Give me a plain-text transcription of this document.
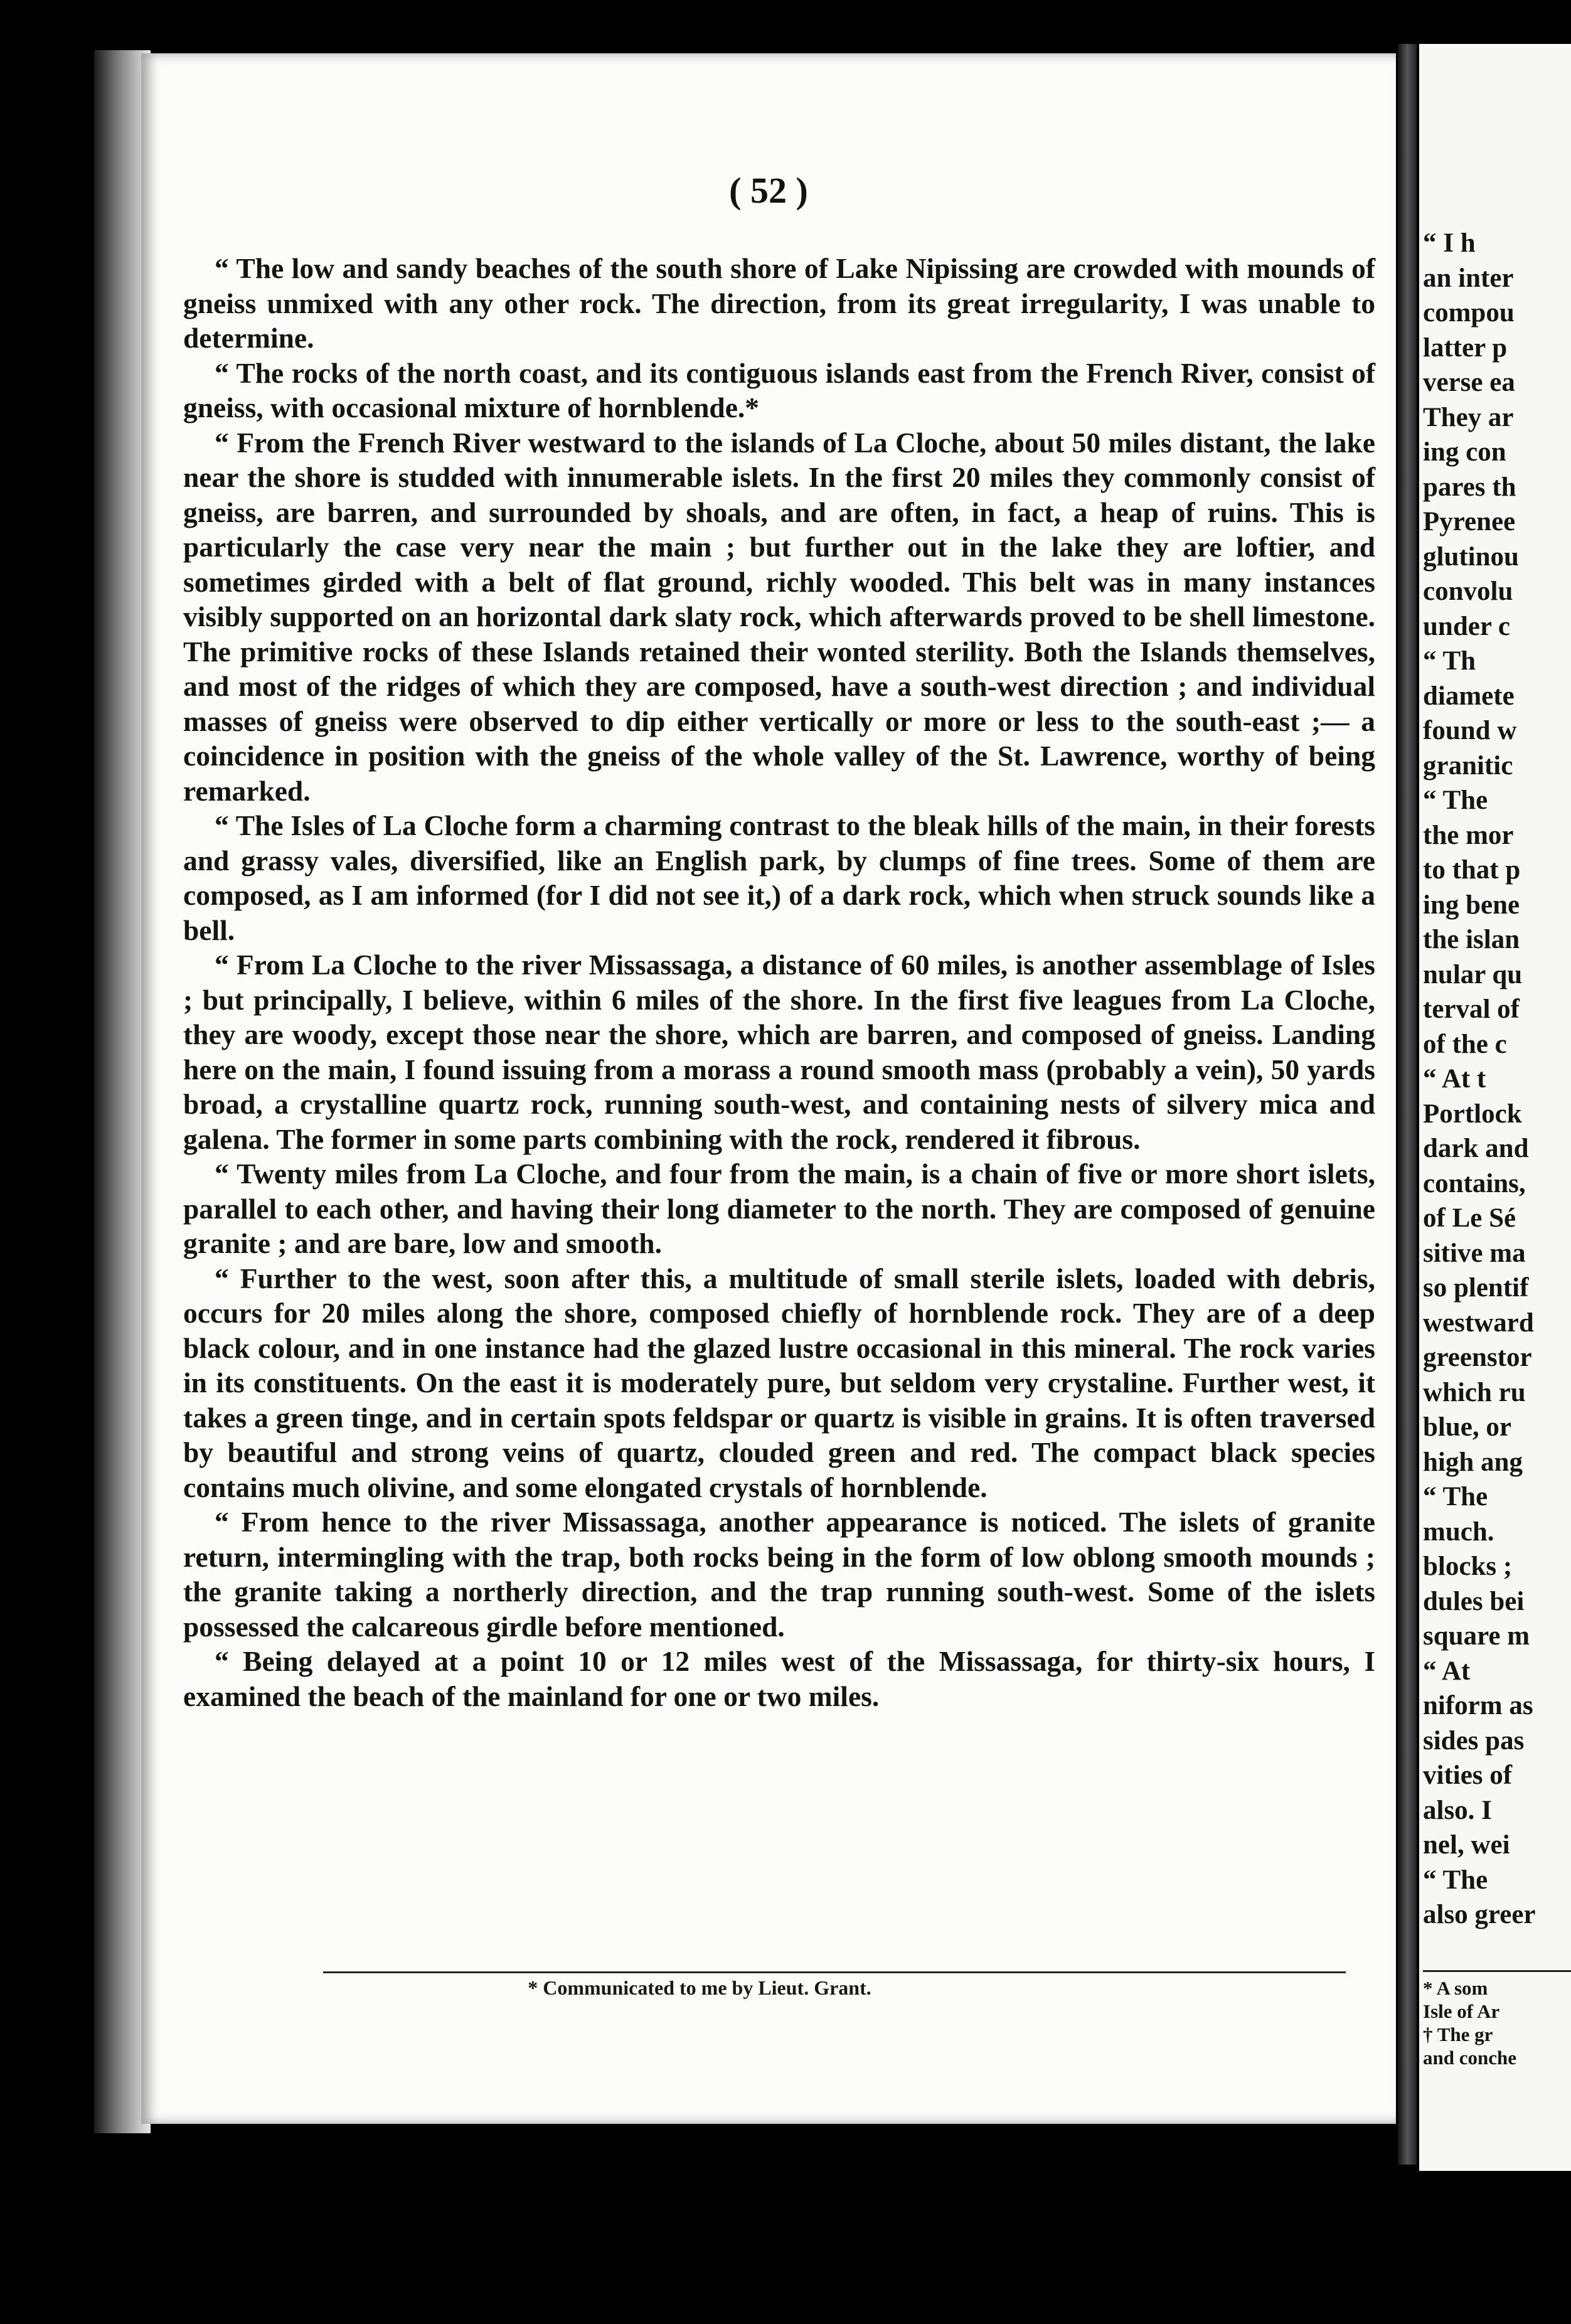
( 52 )

“ The low and sandy beaches of the south shore of Lake Nipissing are crowded with mounds of gneiss unmixed with any other rock. The direction, from its great irregularity, I was unable to determine.

“ The rocks of the north coast, and its contiguous islands east from the French River, consist of gneiss, with occasional mixture of hornblende.*

“ From the French River westward to the islands of La Cloche, about 50 miles distant, the lake near the shore is studded with innumerable islets. In the first 20 miles they commonly consist of gneiss, are barren, and surrounded by shoals, and are often, in fact, a heap of ruins. This is particularly the case very near the main ; but further out in the lake they are loftier, and sometimes girded with a belt of flat ground, richly wooded. This belt was in many instances visibly supported on an horizontal dark slaty rock, which afterwards proved to be shell limestone. The primitive rocks of these Islands retained their wonted sterility. Both the Islands themselves, and most of the ridges of which they are composed, have a south-west direction ; and individual masses of gneiss were observed to dip either vertically or more or less to the south-east ;— a coincidence in position with the gneiss of the whole valley of the St. Lawrence, worthy of being remarked.

“ The Isles of La Cloche form a charming contrast to the bleak hills of the main, in their forests and grassy vales, diversified, like an English park, by clumps of fine trees. Some of them are composed, as I am informed (for I did not see it,) of a dark rock, which when struck sounds like a bell.

“ From La Cloche to the river Missassaga, a distance of 60 miles, is another assemblage of Isles ; but principally, I believe, within 6 miles of the shore. In the first five leagues from La Cloche, they are woody, except those near the shore, which are barren, and composed of gneiss. Landing here on the main, I found issuing from a morass a round smooth mass (probably a vein), 50 yards broad, a crystalline quartz rock, running south-west, and containing nests of silvery mica and galena. The former in some parts combining with the rock, rendered it fibrous.

“ Twenty miles from La Cloche, and four from the main, is a chain of five or more short islets, parallel to each other, and having their long diameter to the north. They are composed of genuine granite ; and are bare, low and smooth.

“ Further to the west, soon after this, a multitude of small sterile islets, loaded with debris, occurs for 20 miles along the shore, composed chiefly of hornblende rock. They are of a deep black colour, and in one instance had the glazed lustre occasional in this mineral. The rock varies in its constituents. On the east it is moderately pure, but seldom very crystaline. Further west, it takes a green tinge, and in certain spots feldspar or quartz is visible in grains. It is often traversed by beautiful and strong veins of quartz, clouded green and red. The compact black species contains much olivine, and some elongated crystals of hornblende.

“ From hence to the river Missassaga, another appearance is noticed. The islets of granite return, intermingling with the trap, both rocks being in the form of low oblong smooth mounds ; the granite taking a northerly direction, and the trap running south-west. Some of the islets possessed the calcareous girdle before mentioned.

“ Being delayed at a point 10 or 12 miles west of the Missassaga, for thirty-six hours, I examined the beach of the mainland for one or two miles.

* Communicated to me by Lieut. Grant.
“ I h
an inter
compou
latter p
verse ea
They ar
ing con
pares th
Pyrenee
glutinou
convolu
under c
“ Th
diamete
found w
granitic
“ The
the mor
to that p
ing bene
the islan
nular qu
terval of
of the c
“ At t
Portlock
dark and
contains,
of Le Sé
sitive ma
so plentif
westward
greenstor
which ru
blue, or
high ang
“ The
much.
blocks ;
dules bei
square m
“ At
niform as
sides pas
vities of
also. I
nel, wei
“ The
also greer
* A som
Isle of Ar
† The gr
and conche
